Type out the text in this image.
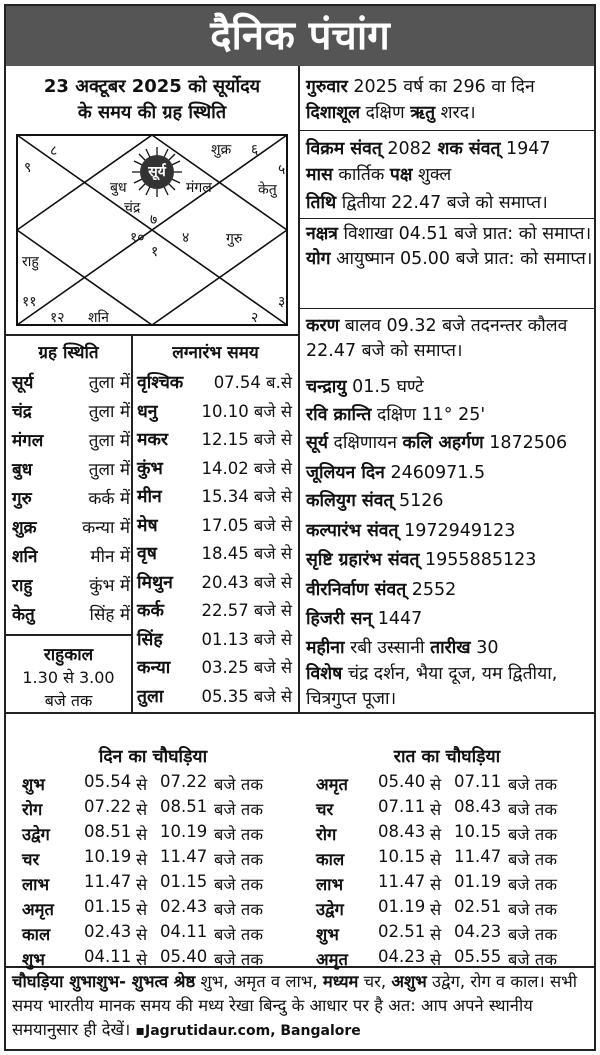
दैनिक पंचांग
23 अक्टूबर 2025 को सूर्योदय
के समय की ग्रह स्थिति
सूर्य
शुक्र ६
८
९	५
बुध	मंगल	केतु
चंद्र
७
१०	४	गुरु
१
राहु
११	३
१२ शनि	२
ग्रह स्थिति
राहुकाल
1.30 से 3.00
बजे तक
लग्नारंभ समय
गुरुवार 2025 वर्ष का 296 वा दिन
दिशाशूल दक्षिण ऋतु शरद।
विक्रम संवत् 2082 शक संवत् 1947
मास कार्तिक पक्ष शुक्ल
तिथि द्वितीया 22.47 बजे को समाप्त।
नक्षत्र विशाखा 04.51 बजे प्रात: को समाप्त। योग आयुष्मान 05.00 बजे प्रात: को समाप्त।
करण बालव 09.32 बजे तदनन्तर कौलव 22.47 बजे को समाप्त।
चन्द्रायु 01.5 घण्टे
रवि क्रान्ति दक्षिण 11° 25'
सूर्य दक्षिणायन कलि अहर्गण 1872506
जूलियन दिन 2460971.5
कलियुग संवत् 5126
कल्पारंभ संवत् 1972949123
सृष्टि ग्रहारंभ संवत् 1955885123
वीरनिर्वाण संवत् 2552
हिजरी सन् 1447
महीना रबी उस्सानी तारीख 30
विशेष चंद्र दर्शन, भैया दूज, यम द्वितीया, चित्रगुप्त पूजा।
दिन का चौघड़िया	रात का चौघड़िया
चौघड़िया शुभाशुभ- शुभत्व श्रेष्ठ शुभ, अमृत व लाभ, मध्यम चर, अशुभ उद्वेग, रोग व काल। सभी समय भारतीय मानक समय की मध्य रेखा बिन्दु के आधार पर है अत: आप अपने स्थानीय समयानुसार ही देखें। ▪Jagrutidaur.com, Bangalore
सूर्य	तुला में
चंद्र	तुला में
मंगल	तुला में
बुध	तुला में
गुरु	कर्क में
शुक्र	कन्या में
शनि	मीन में
राहु	कुंभ में
केतु	सिंह में
वृश्चिक 07.54 ब.से
धनु	10.10 बजे से
मकर 12.15 बजे से
कुंभ 14.02 बजे से
मीन 15.34 बजे से
मेष	17.05 बजे से
वृष	18.45 बजे से
मिथुन 20.43 बजे से
कर्क 22.57 बजे से
सिंह 01.13 बजे से
कन्या 03.25 बजे से
तुला 05.35 बजे से
शुभ 05.54 से 07.22 बजे तक
रोग	07.22 से 08.51 बजे तक
उद्वेग 08.51 से 10.19 बजे तक
चर	10.19 से 11.47 बजे तक
लाभ 11.47 से 01.15 बजे तक
अमृत 01.15 से 02.43 बजे तक
काल 02.43 से 04.11 बजे तक
शुभ 04.11 से 05.40 बजे तक
अमृत 05.40 से 07.11 बजे तक
चर	07.11 से 08.43 बजे तक
रोग	08.43 से 10.15 बजे तक
काल 10.15 से 11.47 बजे तक
लाभ 11.47 से 01.19 बजे तक
उद्वेग 01.19 से 02.51 बजे तक
शुभ 02.51 से 04.23 बजे तक
अमृत 04.23 से 05.55 बजे तक
